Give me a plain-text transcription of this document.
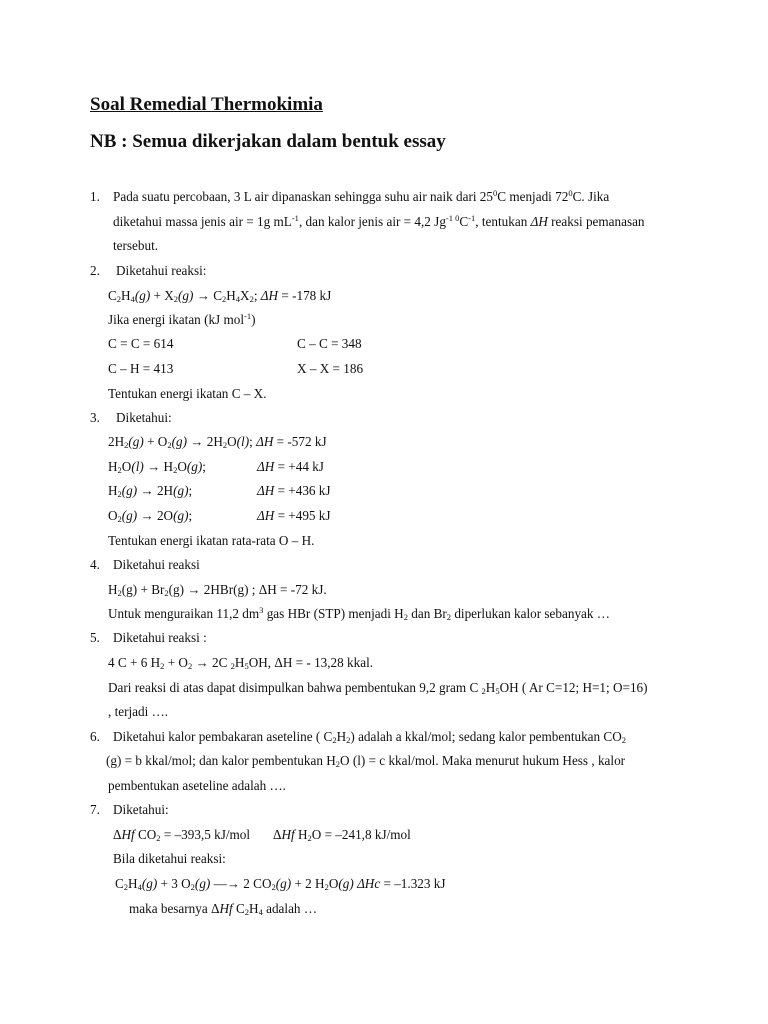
Soal Remedial Thermokimia
NB : Semua dikerjakan dalam bentuk essay
1. Pada suatu percobaan, 3 L air dipanaskan sehingga suhu air naik dari $25^0C$ menjadi $72^0C$. Jika
diketahui massa jenis air = 1g $mL^{-1}$, dan kalor jenis air = 4,2 $Jg^{-1 0}C^{-1}$, tentukan ΔH reaksi pemanasan
tersebut.
2. Diketahui reaksi:
$C_2H_4(g) + X_2(g) \to C_2H_4X_2$; ΔH = -178 kJ
Jika energi ikatan (kJ mol$^{-1}$)
C = C = 614	C – C = 348
C – H = 413	X – X = 186
Tentukan energi ikatan C – X.
3. Diketahui:
$2H_2(g) + O_2(g) \to 2H_2O(l)$; ΔH = -572 kJ
$H_2O(l) \to H_2O(g)$;	ΔH = +44 kJ
$H_2(g) \to 2H(g)$;	ΔH = +436 kJ
$O_2(g) \to 2O(g)$;	ΔH = +495 kJ
Tentukan energi ikatan rata-rata O – H.
4. Diketahui reaksi
$H_2(g) + Br_2(g) \to 2HBr(g)$ ; ΔH = -72 kJ.
Untuk menguraikan 11,2 $dm^3$ gas HBr (STP) menjadi $H_2$ dan $Br_2$ diperlukan kalor sebanyak …
5. Diketahui reaksi :
4 C + 6 $H_2 + O_2 \to 2C$ $_2H_5OH$, ΔH = - 13,28 kkal.
Dari reaksi di atas dapat disimpulkan bahwa pembentukan 9,2 gram C $_2H_5OH$ ( Ar C=12; H=1; O=16)
, terjadi ….
6. Diketahui kalor pembakaran aseteline ( $C_2H_2$) adalah a kkal/mol; sedang kalor pembentukan $CO_2$
(g) = b kkal/mol; dan kalor pembentukan $H_2O$ (l) = c kkal/mol. Maka menurut hukum Hess , kalor
pembentukan aseteline adalah ….
7. Diketahui:
ΔHf $CO_2 = -393,5$ kJ/mol ΔHf $H_2O = -241,8$ kJ/mol
Bila diketahui reaksi:
$C_2H_4(g) + 3$ $O_2(g)$ —→ 2 $CO_2(g) + 2$ $H_2O(g) \Delta Hc = -1.323$ kJ
maka besarnya ΔHf $C_2H_4$ adalah …
